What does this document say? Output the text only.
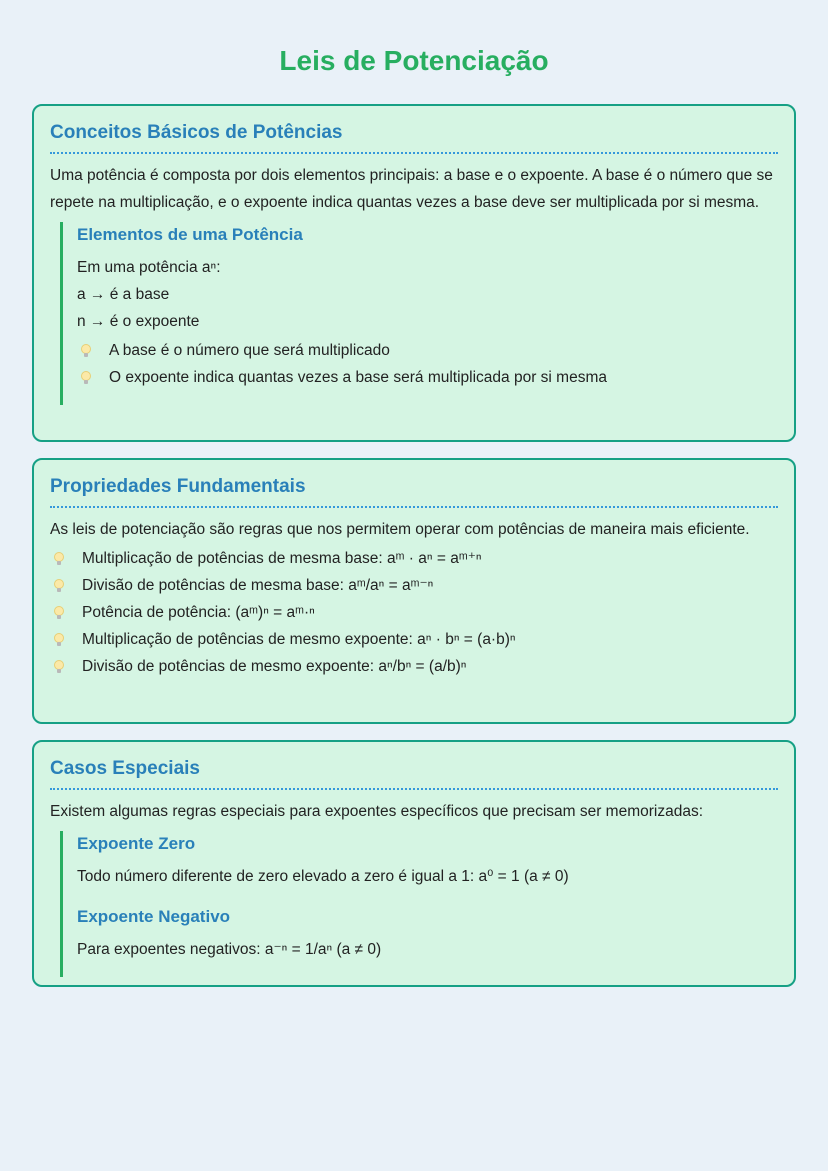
Leis de Potenciação
Conceitos Básicos de Potências

Uma potência é composta por dois elementos principais: a base e o expoente. A base é o número que se repete na multiplicação, e o expoente indica quantas vezes a base deve ser multiplicada por si mesma.

Elementos de uma Potência

Em uma potência aⁿ:

a → é a base

n → é o expoente

A base é o número que será multiplicado
O expoente indica quantas vezes a base será multiplicada por si mesma
Propriedades Fundamentais

As leis de potenciação são regras que nos permitem operar com potências de maneira mais eficiente.

Multiplicação de potências de mesma base: aᵐ · aⁿ = aᵐ⁺ⁿ
Divisão de potências de mesma base: aᵐ/aⁿ = aᵐ⁻ⁿ
Potência de potência: (aᵐ)ⁿ = aᵐ·ⁿ
Multiplicação de potências de mesmo expoente: aⁿ · bⁿ = (a·b)ⁿ
Divisão de potências de mesmo expoente: aⁿ/bⁿ = (a/b)ⁿ
Casos Especiais

Existem algumas regras especiais para expoentes específicos que precisam ser memorizadas:

Expoente Zero

Todo número diferente de zero elevado a zero é igual a 1: a⁰ = 1 (a ≠ 0)

Expoente Negativo

Para expoentes negativos: a⁻ⁿ = 1/aⁿ (a ≠ 0)
